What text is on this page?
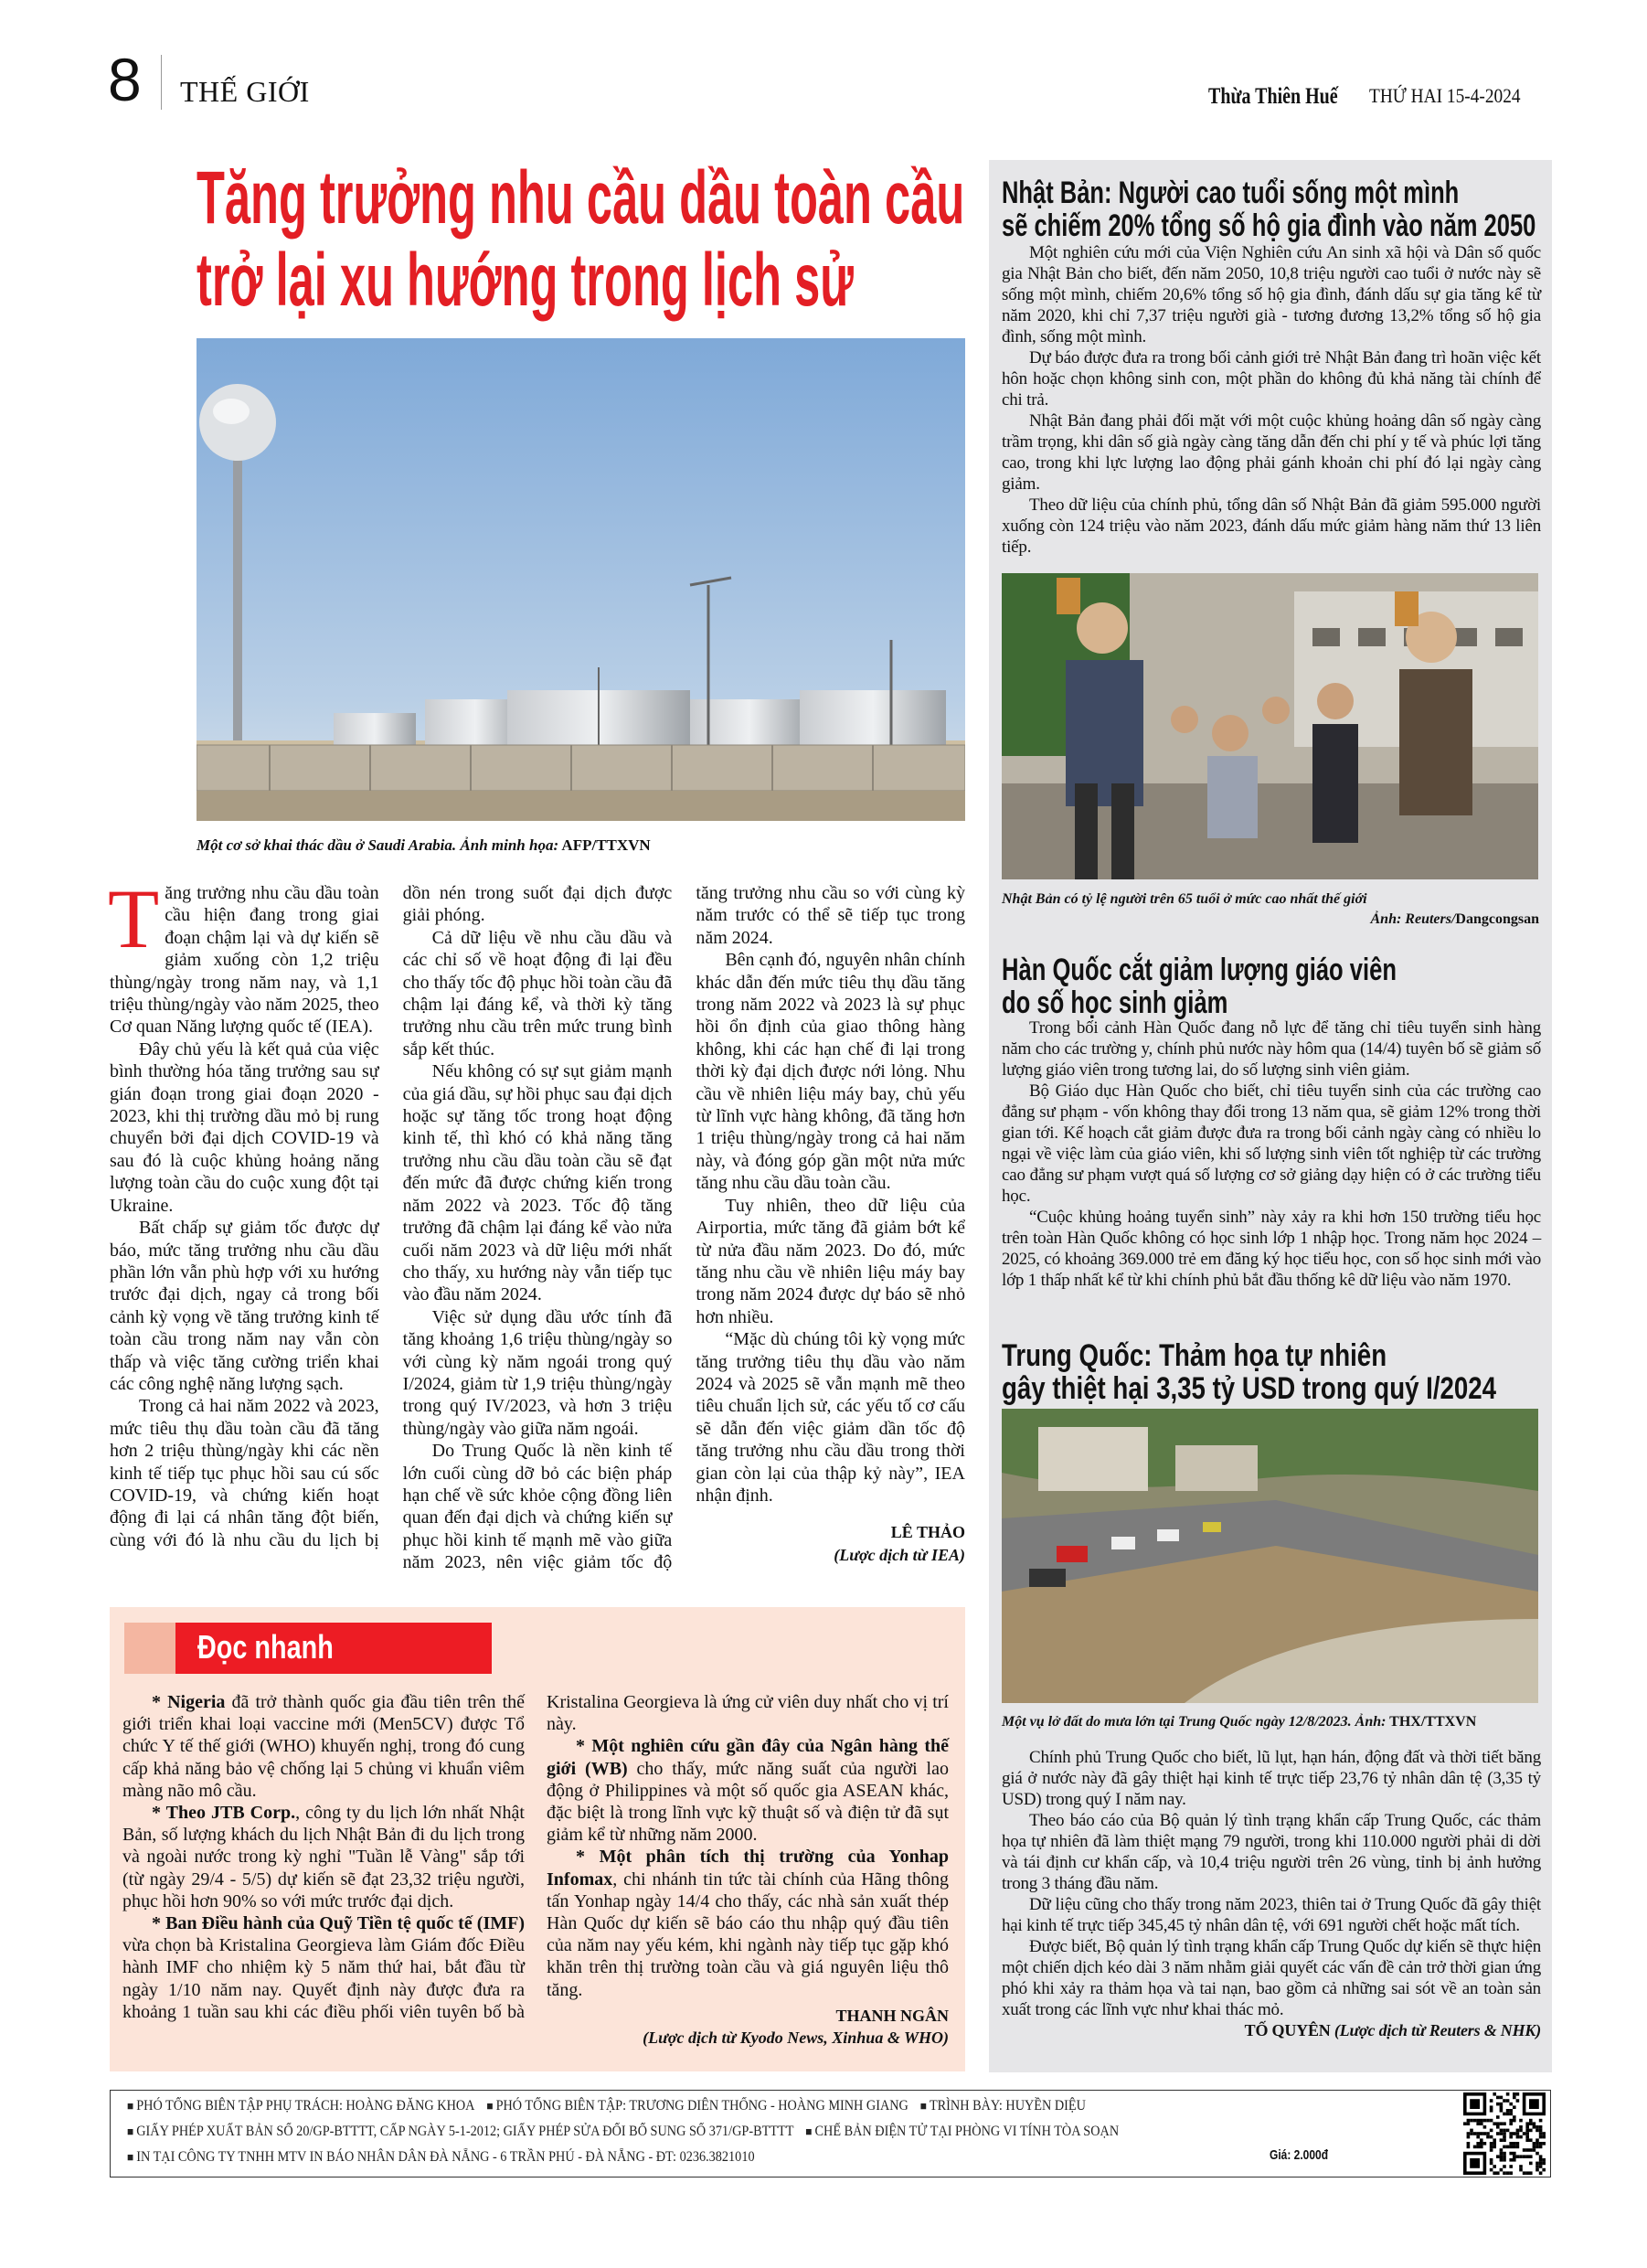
8 THẾ GIỚI	Thừa Thiên Huế THỨ HAI 15-4-2024
Tăng trưởng nhu cầu dầu toàn cầu
trở lại xu hướng trong lịch sử
Một cơ sở khai thác dầu ở Saudi Arabia. Ảnh minh họa: AFP/TTXVN

Tăng trưởng nhu cầu dầu toàn cầu hiện đang trong giai đoạn chậm lại và dự kiến sẽ giảm xuống còn 1,2 triệu thùng/ngày trong năm nay, và 1,1 triệu thùng/ngày vào năm 2025, theo Cơ quan Năng lượng quốc tế (IEA).

Đây chủ yếu là kết quả của việc bình thường hóa tăng trưởng sau sự gián đoạn trong giai đoạn 2020 - 2023, khi thị trường dầu mỏ bị rung chuyển bởi đại dịch COVID-19 và sau đó là cuộc khủng hoảng năng lượng toàn cầu do cuộc xung đột tại Ukraine.

Bất chấp sự giảm tốc được dự báo, mức tăng trưởng nhu cầu dầu phần lớn vẫn phù hợp với xu hướng trước đại dịch, ngay cả trong bối cảnh kỳ vọng về tăng trưởng kinh tế toàn cầu trong năm nay vẫn còn thấp và việc tăng cường triển khai các công nghệ năng lượng sạch.

Trong cả hai năm 2022 và 2023, mức tiêu thụ dầu toàn cầu đã tăng hơn 2 triệu thùng/ngày khi các nền kinh tế tiếp tục phục hồi sau cú sốc COVID-19, và chứng kiến hoạt động đi lại cá nhân tăng đột biến, cùng với đó là nhu cầu du lịch bị dồn nén trong suốt đại dịch được giải phóng.

Cả dữ liệu về nhu cầu dầu và các chỉ số về hoạt động đi lại đều cho thấy tốc độ phục hồi toàn cầu đã chậm lại đáng kể, và thời kỳ tăng trưởng nhu cầu trên mức trung bình sắp kết thúc.

Nếu không có sự sụt giảm mạnh của giá dầu, sự hồi phục sau đại dịch hoặc sự tăng tốc trong hoạt động kinh tế, thì khó có khả năng tăng trưởng nhu cầu dầu toàn cầu sẽ đạt đến mức đã được chứng kiến trong năm 2022 và 2023. Tốc độ tăng trưởng đã chậm lại đáng kể vào nửa cuối năm 2023 và dữ liệu mới nhất cho thấy, xu hướng này vẫn tiếp tục vào đầu năm 2024.

Việc sử dụng dầu ước tính đã tăng khoảng 1,6 triệu thùng/ngày so với cùng kỳ năm ngoái trong quý I/2024, giảm từ 1,9 triệu thùng/ngày trong quý IV/2023, và hơn 3 triệu thùng/ngày vào giữa năm ngoái.

Do Trung Quốc là nền kinh tế lớn cuối cùng dỡ bỏ các biện pháp hạn chế về sức khỏe cộng đồng liên quan đến đại dịch và chứng kiến sự phục hồi kinh tế mạnh mẽ vào giữa năm 2023, nên việc giảm tốc độ tăng trưởng nhu cầu so với cùng kỳ năm trước có thể sẽ tiếp tục trong năm 2024.

Bên cạnh đó, nguyên nhân chính khác dẫn đến mức tiêu thụ dầu tăng trong năm 2022 và 2023 là sự phục hồi ổn định của giao thông hàng không, khi các hạn chế đi lại trong thời kỳ đại dịch được nới lỏng. Nhu cầu về nhiên liệu máy bay, chủ yếu từ lĩnh vực hàng không, đã tăng hơn 1 triệu thùng/ngày trong cả hai năm này, và đóng góp gần một nửa mức tăng nhu cầu dầu toàn cầu.

Tuy nhiên, theo dữ liệu của Airportia, mức tăng đã giảm bớt kể từ nửa đầu năm 2023. Do đó, mức tăng nhu cầu về nhiên liệu máy bay trong năm 2024 được dự báo sẽ nhỏ hơn nhiều.

“Mặc dù chúng tôi kỳ vọng mức tăng trưởng tiêu thụ dầu vào năm 2024 và 2025 sẽ vẫn mạnh mẽ theo tiêu chuẩn lịch sử, các yếu tố cơ cấu sẽ dẫn đến việc giảm dần tốc độ tăng trưởng nhu cầu dầu trong thời gian còn lại của thập kỷ này”, IEA nhận định.

LÊ THẢO

(Lược dịch từ IEA)

Đọc nhanh

* Nigeria đã trở thành quốc gia đầu tiên trên thế giới triển khai loại vaccine mới (Men5CV) được Tổ chức Y tế thế giới (WHO) khuyến nghị, trong đó cung cấp khả năng bảo vệ chống lại 5 chủng vi khuẩn viêm màng não mô cầu.

* Theo JTB Corp., công ty du lịch lớn nhất Nhật Bản, số lượng khách du lịch Nhật Bản đi du lịch trong và ngoài nước trong kỳ nghỉ "Tuần lễ Vàng" sắp tới (từ ngày 29/4 - 5/5) dự kiến sẽ đạt 23,32 triệu người, phục hồi hơn 90% so với mức trước đại dịch.

* Ban Điều hành của Quỹ Tiền tệ quốc tế (IMF) vừa chọn bà Kristalina Georgieva làm Giám đốc Điều hành IMF cho nhiệm kỳ 5 năm thứ hai, bắt đầu từ ngày 1/10 năm nay. Quyết định này được đưa ra khoảng 1 tuần sau khi các điều phối viên tuyên bố bà Kristalina Georgieva là ứng cử viên duy nhất cho vị trí này.

* Một nghiên cứu gần đây của Ngân hàng thế giới (WB) cho thấy, mức năng suất của người lao động ở Philippines và một số quốc gia ASEAN khác, đặc biệt là trong lĩnh vực kỹ thuật số và điện tử đã sụt giảm kể từ những năm 2000.

* Một phân tích thị trường của Yonhap Infomax, chi nhánh tin tức tài chính của Hãng thông tấn Yonhap ngày 14/4 cho thấy, các nhà sản xuất thép Hàn Quốc dự kiến sẽ báo cáo thu nhập quý đầu tiên của năm nay yếu kém, khi ngành này tiếp tục gặp khó khăn trên thị trường toàn cầu và giá nguyên liệu thô tăng.

THANH NGÂN

(Lược dịch từ Kyodo News, Xinhua & WHO)

Nhật Bản: Người cao tuổi sống một mình
sẽ chiếm 20% tổng số hộ gia đình vào năm 2050

Một nghiên cứu mới của Viện Nghiên cứu An sinh xã hội và Dân số quốc gia Nhật Bản cho biết, đến năm 2050, 10,8 triệu người cao tuổi ở nước này sẽ sống một mình, chiếm 20,6% tổng số hộ gia đình, đánh dấu sự gia tăng kể từ năm 2020, khi chỉ 7,37 triệu người già - tương đương 13,2% tổng số hộ gia đình, sống một mình.

Dự báo được đưa ra trong bối cảnh giới trẻ Nhật Bản đang trì hoãn việc kết hôn hoặc chọn không sinh con, một phần do không đủ khả năng tài chính để chi trả.

Nhật Bản đang phải đối mặt với một cuộc khủng hoảng dân số ngày càng trầm trọng, khi dân số già ngày càng tăng dẫn đến chi phí y tế và phúc lợi tăng cao, trong khi lực lượng lao động phải gánh khoản chi phí đó lại ngày càng giảm.

Theo dữ liệu của chính phủ, tổng dân số Nhật Bản đã giảm 595.000 người xuống còn 124 triệu vào năm 2023, đánh dấu mức giảm hàng năm thứ 13 liên tiếp.

Nhật Bản có tỷ lệ người trên 65 tuổi ở mức cao nhất thế giới
Ảnh: Reuters/Dangcongsan
Hàn Quốc cắt giảm lượng giáo viên
do số học sinh giảm

Trong bối cảnh Hàn Quốc đang nỗ lực để tăng chỉ tiêu tuyển sinh hàng năm cho các trường y, chính phủ nước này hôm qua (14/4) tuyên bố sẽ giảm số lượng giáo viên trong tương lai, do số lượng sinh viên giảm.

Bộ Giáo dục Hàn Quốc cho biết, chỉ tiêu tuyển sinh của các trường cao đẳng sư phạm - vốn không thay đổi trong 13 năm qua, sẽ giảm 12% trong thời gian tới. Kế hoạch cắt giảm được đưa ra trong bối cảnh ngày càng có nhiều lo ngại về việc làm của giáo viên, khi số lượng sinh viên tốt nghiệp từ các trường cao đẳng sư phạm vượt quá số lượng cơ sở giảng dạy hiện có ở các trường tiểu học.

“Cuộc khủng hoảng tuyển sinh” này xảy ra khi hơn 150 trường tiểu học trên toàn Hàn Quốc không có học sinh lớp 1 nhập học. Trong năm học 2024 – 2025, có khoảng 369.000 trẻ em đăng ký học tiểu học, con số học sinh mới vào lớp 1 thấp nhất kể từ khi chính phủ bắt đầu thống kê dữ liệu vào năm 1970.

Trung Quốc: Thảm họa tự nhiên
gây thiệt hại 3,35 tỷ USD trong quý I/2024
Một vụ lở đất do mưa lớn tại Trung Quốc ngày 12/8/2023. Ảnh: THX/TTXVN

Chính phủ Trung Quốc cho biết, lũ lụt, hạn hán, động đất và thời tiết băng giá ở nước này đã gây thiệt hại kinh tế trực tiếp 23,76 tỷ nhân dân tệ (3,35 tỷ USD) trong quý I năm nay.

Theo báo cáo của Bộ quản lý tình trạng khẩn cấp Trung Quốc, các thảm họa tự nhiên đã làm thiệt mạng 79 người, trong khi 110.000 người phải di dời và tái định cư khẩn cấp, và 10,4 triệu người trên 26 vùng, tỉnh bị ảnh hưởng trong 3 tháng đầu năm.

Dữ liệu cũng cho thấy trong năm 2023, thiên tai ở Trung Quốc đã gây thiệt hại kinh tế trực tiếp 345,45 tỷ nhân dân tệ, với 691 người chết hoặc mất tích.

Được biết, Bộ quản lý tình trạng khẩn cấp Trung Quốc dự kiến sẽ thực hiện một chiến dịch kéo dài 3 năm nhằm giải quyết các vấn đề cản trở thời gian ứng phó khi xảy ra thảm họa và tai nạn, bao gồm cả những sai sót về an toàn sản xuất trong các lĩnh vực như khai thác mỏ.

TỐ QUYÊN (Lược dịch từ Reuters & NHK)

■ PHÓ TỔNG BIÊN TẬP PHỤ TRÁCH: HOÀNG ĐĂNG KHOA	■ PHÓ TỔNG BIÊN TẬP: TRƯƠNG DIÊN THỐNG - HOÀNG MINH GIANG	■ TRÌNH BÀY: HUYỀN DIỆU
■ GIẤY PHÉP XUẤT BẢN SỐ 20/GP-BTTTT, CẤP NGÀY 5-1-2012; GIẤY PHÉP SỬA ĐỔI BỔ SUNG SỐ 371/GP-BTTTT	■ CHẾ BẢN ĐIỆN TỬ TẠI PHÒNG VI TÍNH TÒA SOẠN
■ IN TẠI CÔNG TY TNHH MTV IN BÁO NHÂN DÂN ĐÀ NẴNG - 6 TRẦN PHÚ - ĐÀ NẴNG - ĐT: 0236.3821010	Giá: 2.000đ
